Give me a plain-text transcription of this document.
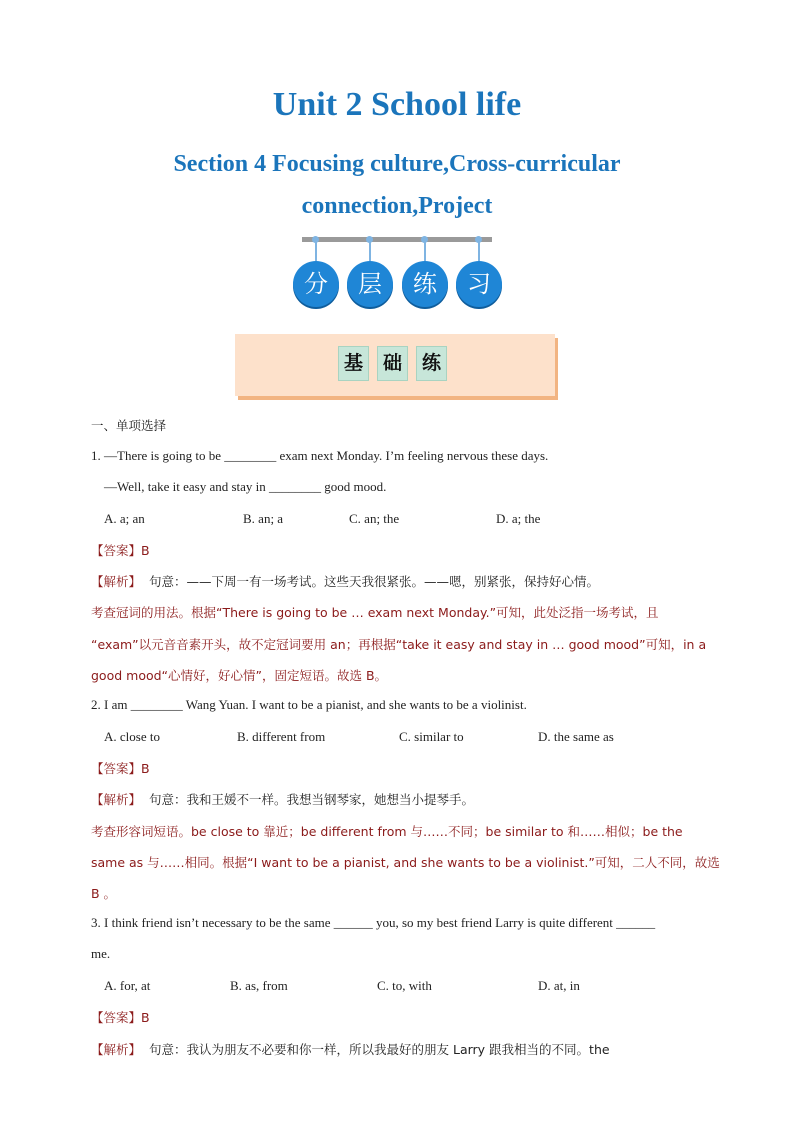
Unit 2 School life
Section 4 Focusing culture,Cross-curricular
connection,Project
分	层	练	习
基	础	练
一、单项选择
1. —There is going to be ________ exam next Monday. I’m feeling nervous these days.
—Well, take it easy and stay in ________ good mood.
A. a; an	B. an; a	C. an; the	D. a; the
【答案】B
【解析】 句意：——下周一有一场考试。这些天我很紧张。——嗯，别紧张，保持好心情。
考查冠词的用法。根据“There is going to be … exam next Monday.”可知，此处泛指一场考试，且
“exam”以元音音素开头，故不定冠词要用 an；再根据“take it easy and stay in … good mood”可知，in a
good mood“心情好，好心情”，固定短语。故选 B。
2. I am ________ Wang Yuan. I want to be a pianist, and she wants to be a violinist.
A. close to	B. different from	C. similar to	D. the same as
【答案】B
【解析】 句意：我和王媛不一样。我想当钢琴家，她想当小提琴手。
考查形容词短语。be close to 靠近；be different from 与……不同；be similar to 和……相似；be the
same as 与……相同。根据“I want to be a pianist, and she wants to be a violinist.”可知，二人不同，故选
B 。
3. I think friend isn’t necessary to be the same ______ you, so my best friend Larry is quite different ______
me.
A. for, at	B. as, from	C. to, with	D. at, in
【答案】B
【解析】 句意：我认为朋友不必要和你一样，所以我最好的朋友 Larry 跟我相当的不同。the
